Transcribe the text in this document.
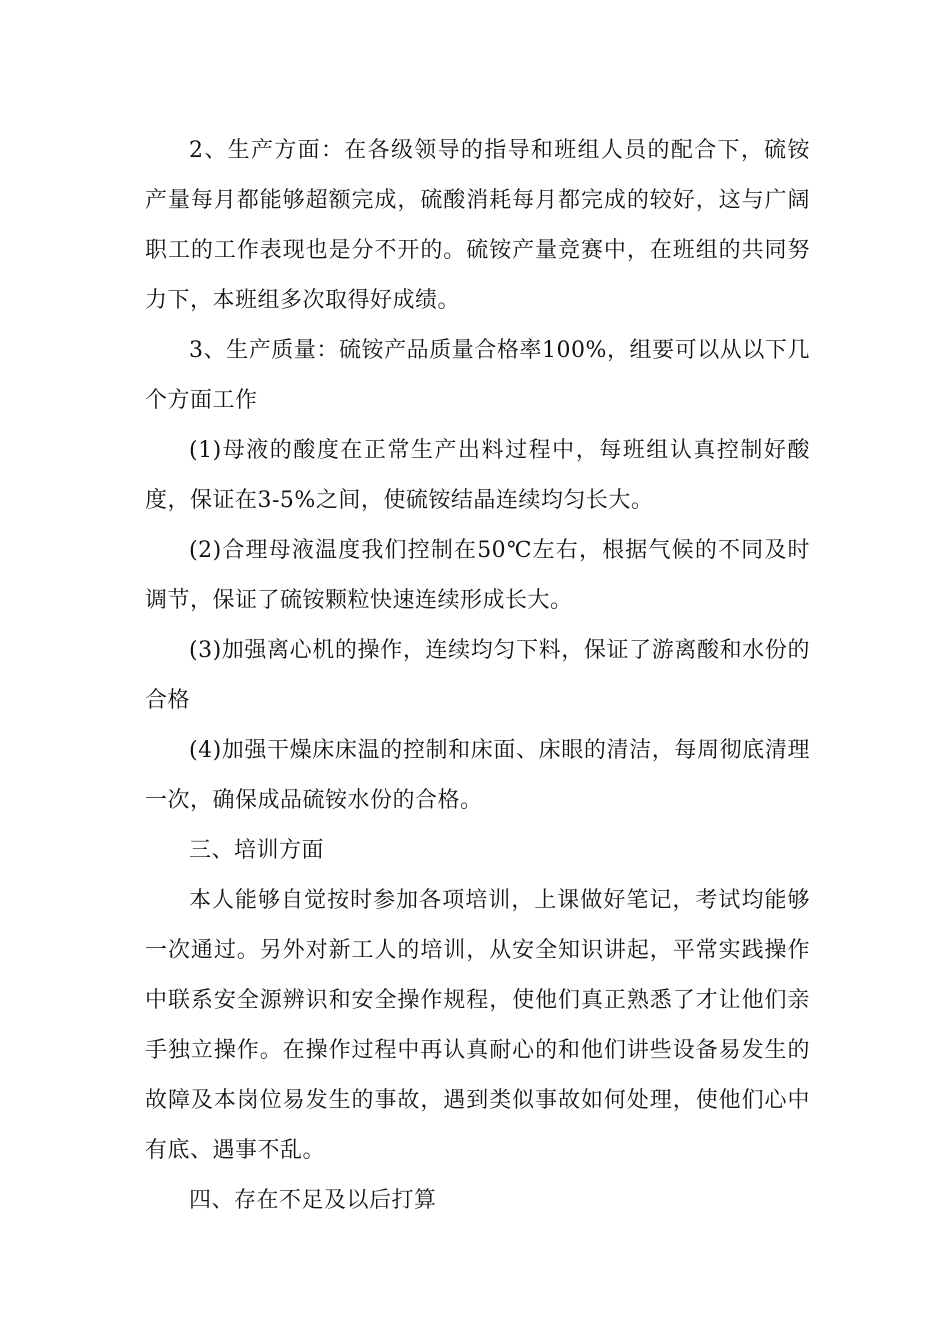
2、生产方面：在各级领导的指导和班组人员的配合下，硫铵产量每月都能够超额完成，硫酸消耗每月都完成的较好，这与广阔职工的工作表现也是分不开的。硫铵产量竞赛中，在班组的共同努力下，本班组多次取得好成绩。

3、生产质量：硫铵产品质量合格率100%，组要可以从以下几个方面工作

(1)母液的酸度在正常生产出料过程中，每班组认真控制好酸度，保证在3-5%之间，使硫铵结晶连续均匀长大。

(2)合理母液温度我们控制在50℃左右，根据气候的不同及时调节，保证了硫铵颗粒快速连续形成长大。

(3)加强离心机的操作，连续均匀下料，保证了游离酸和水份的合格

(4)加强干燥床床温的控制和床面、床眼的清洁，每周彻底清理一次，确保成品硫铵水份的合格。

三、培训方面

本人能够自觉按时参加各项培训，上课做好笔记，考试均能够一次通过。另外对新工人的培训，从安全知识讲起，平常实践操作中联系安全源辨识和安全操作规程，使他们真正熟悉了才让他们亲手独立操作。在操作过程中再认真耐心的和他们讲些设备易发生的故障及本岗位易发生的事故，遇到类似事故如何处理，使他们心中有底、遇事不乱。

四、存在不足及以后打算
